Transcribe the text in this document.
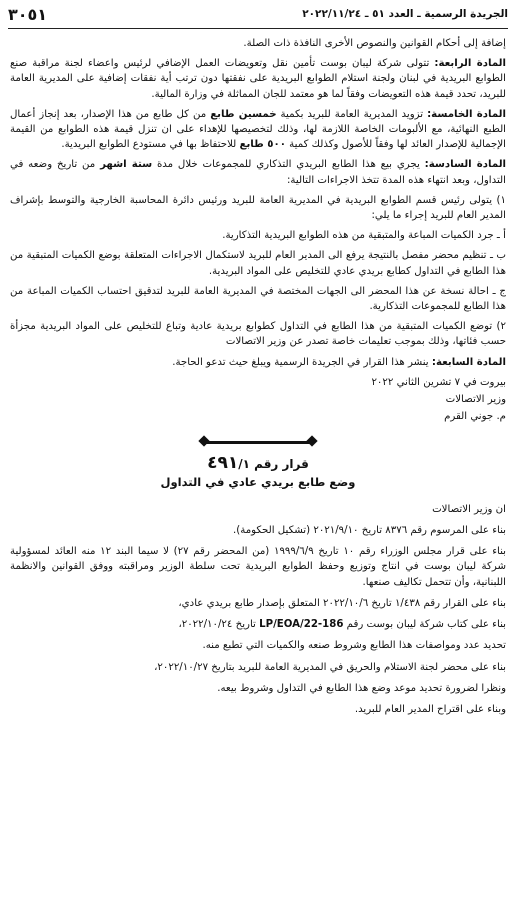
الجريدة الرسمية ـ العدد ٥١ ـ ٢٠٢٢/١١/٢٤
٣٠٥١

إضافة إلى أحكام القوانين والنصوص الأخرى النافذة ذات الصلة.

المادة الرابعة: تتولى شركة ليبان بوست تأمين نقل وتعويضات العمل الإضافي لرئيس واعضاء لجنة مراقبة صنع الطوابع البريدية في لبنان ولجنة استلام الطوابع البريدية على نفقتها دون ترتب أية نفقات إضافية على المديرية العامة للبريد، تحدد قيمة هذه التعويضات وفقاً لما هو معتمد للجان المماثلة في وزارة المالية.

المادة الخامسة: تزويد المديرية العامة للبريد بكمية خمسين طابع من كل طابع من هذا الإصدار، بعد إنجاز أعمال الطبع النهائية، مع الألبومات الخاصة اللازمة لها، وذلك لتخصيصها للإهداء على ان تنزل قيمة هذه الطوابع من القيمة الإجمالية للإصدار العائد لها وفقاً للأصول وكذلك كمية ٥٠٠ طابع للاحتفاظ بها في مستودع الطوابع البريدية.

المادة السادسة: يجري بيع هذا الطابع البريدي التذكاري للمجموعات خلال مدة ستة اشهر من تاريخ وضعه في التداول، وبعد انتهاء هذه المدة تتخذ الاجراءات التالية:

١) يتولى رئيس قسم الطوابع البريدية في المديرية العامة للبريد ورئيس دائرة المحاسبة الخارجية والتوسط بإشراف المدير العام للبريد إجراء ما يلي:

أ ـ جرد الكميات المباعة والمتبقية من هذه الطوابع البريدية التذكارية.

ب ـ تنظيم محضر مفصل بالنتيجة يرفع الى المدير العام للبريد لاستكمال الاجراءات المتعلقة بوضع الكميات المتبقية من هذا الطابع في التداول كطابع بريدي عادي للتخليص على المواد البريدية.

ج ـ احالة نسخة عن هذا المحضر الى الجهات المختصة في المديرية العامة للبريد لتدقيق احتساب الكميات المباعة من هذا الطابع للمجموعات التذكارية.

٢) توضع الكميات المتبقية من هذا الطابع في التداول كطوابع بريدية عادية وتباع للتخليص على المواد البريدية مجزأة حسب فئاتها، وذلك بموجب تعليمات خاصة تصدر عن وزير الاتصالات

المادة السابعة: ينشر هذا القرار في الجريدة الرسمية ويبلغ حيث تدعو الحاجة.

بيروت في ٧ تشرين الثاني ٢٠٢٢
وزير الاتصالات
م. جوني القرم
قرار رقم ٤٩١/١
وضع طابع بريدي عادي في التداول

ان وزير الاتصالات

بناء على المرسوم رقم ٨٣٧٦ تاريخ ٢٠٢١/٩/١٠ (تشكيل الحكومة).

بناء على قرار مجلس الوزراء رقم ١٠ تاريخ ١٩٩٩/٦/٩ (من المحضر رقم ٢٧) لا سيما البند ١٢ منه العائد لمسؤولية شركة ليبان بوست في انتاج وتوزيع وحفظ الطوابع البريدية تحت سلطة الوزير ومراقبته ووفق القوانين والانظمة اللبنانية، وأن تتحمل تكاليف صنعها.

بناء على القرار رقم ١/٤٣٨ تاريخ ٢٠٢٢/١٠/٦ المتعلق بإصدار طابع بريدي عادي،

بناء على كتاب شركة ليبان بوست رقم LP/EOA/22-186 تاريخ ٢٠٢٢/١٠/٢٤،

تحديد عدد ومواصفات هذا الطابع وشروط صنعه والكميات التي تطبع منه.

بناء على محضر لجنة الاستلام والحريق في المديرية العامة للبريد بتاريخ ٢٠٢٢/١٠/٢٧،

ونظرا لضرورة تحديد موعد وضع هذا الطابع في التداول وشروط بيعه.

وبناء على اقتراح المدير العام للبريد.
